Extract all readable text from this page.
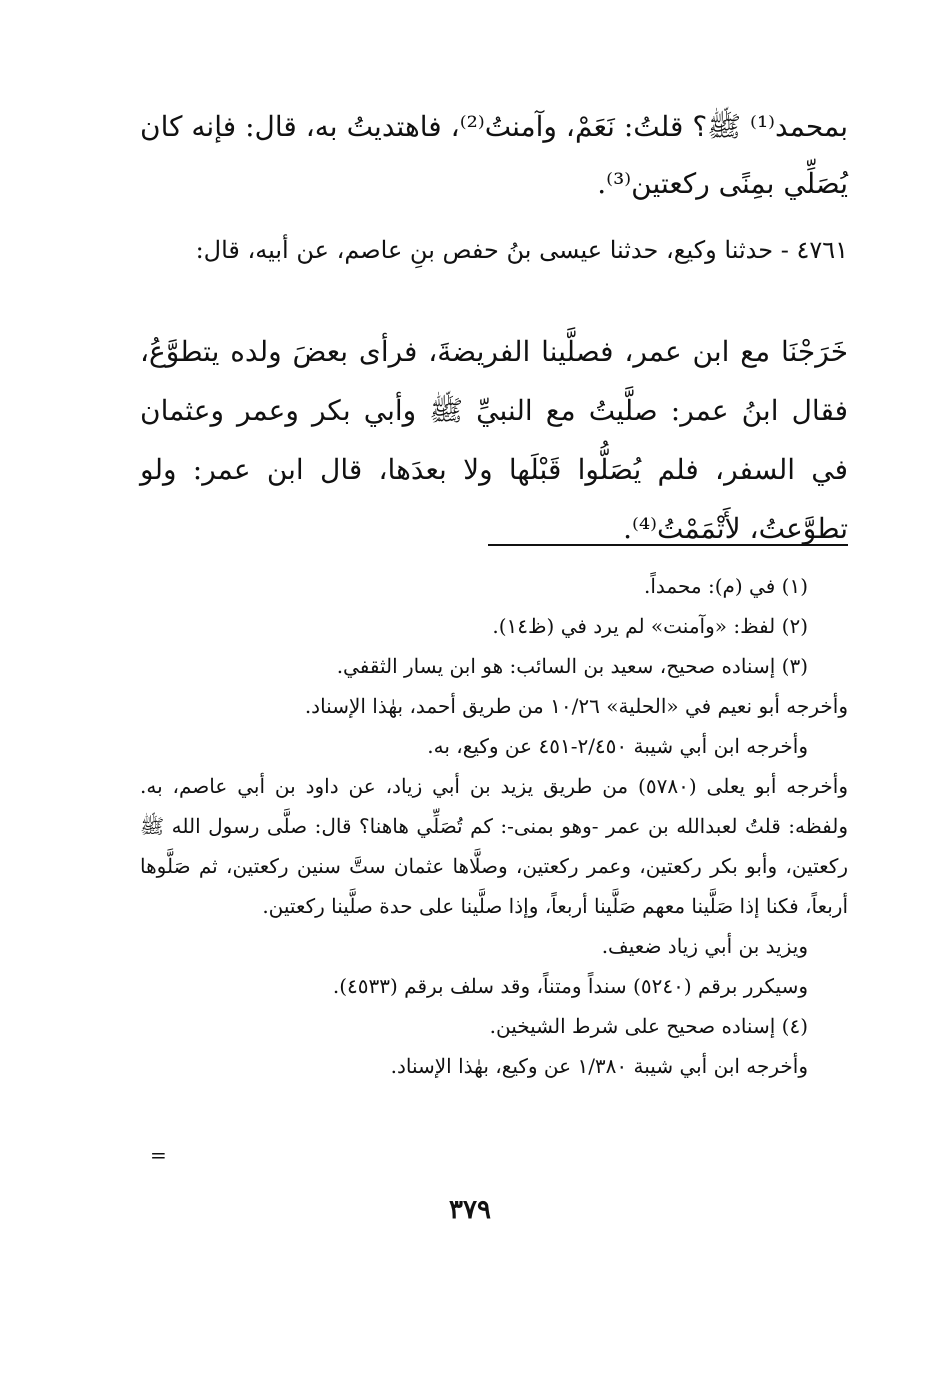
بمحمد⁽¹⁾ ﷺ؟ قلتُ: نَعَمْ، وآمنتُ⁽²⁾، فاهتديتُ به، قال: فإنه كان يُصَلِّي بمِنًى ركعتين⁽³⁾.
٤٧٦١ - حدثنا وكيع، حدثنا عيسى بنُ حفص بنِ عاصم، عن أبيه، قال:
خَرَجْنَا مع ابن عمر، فصلَّينا الفريضةَ، فرأى بعضَ ولده يتطوَّعُ، فقال ابنُ عمر: صلَّيتُ مع النبيِّ ﷺ وأبي بكر وعمر وعثمان في السفر، فلم يُصَلُّوا قَبْلَها ولا بعدَها، قال ابن عمر: ولو تطوَّعتُ، لأَتْمَمْتُ⁽⁴⁾.

(١) في (م): محمداً.

(٢) لفظ: «وآمنت» لم يرد في (ظ١٤).

(٣) إسناده صحيح، سعيد بن السائب: هو ابن يسار الثقفي.

وأخرجه أبو نعيم في «الحلية» ١٠/٢٦ من طريق أحمد، بهٰذا الإسناد.

وأخرجه ابن أبي شيبة ٢/٤٥٠-٤٥١ عن وكيع، به.

وأخرجه أبو يعلى (٥٧٨٠) من طريق يزيد بن أبي زياد، عن داود بن أبي عاصم، به. ولفظه: قلتُ لعبدالله بن عمر -وهو بمنى-: كم تُصَلِّي هاهنا؟ قال: صلَّى رسول الله ﷺ ركعتين، وأبو بكر ركعتين، وعمر ركعتين، وصلَّاها عثمان ستَّ سنين ركعتين، ثم صَلَّوها أربعاً، فكنا إذا صَلَّينا معهم صَلَّينا أربعاً، وإذا صلَّينا على حدة صلَّينا ركعتين.

ويزيد بن أبي زياد ضعيف.

وسيكرر برقم (٥٢٤٠) سنداً ومتناً، وقد سلف برقم (٤٥٣٣).

(٤) إسناده صحيح على شرط الشيخين.

وأخرجه ابن أبي شيبة ١/٣٨٠ عن وكيع، بهٰذا الإسناد.

=
٣٧٩
